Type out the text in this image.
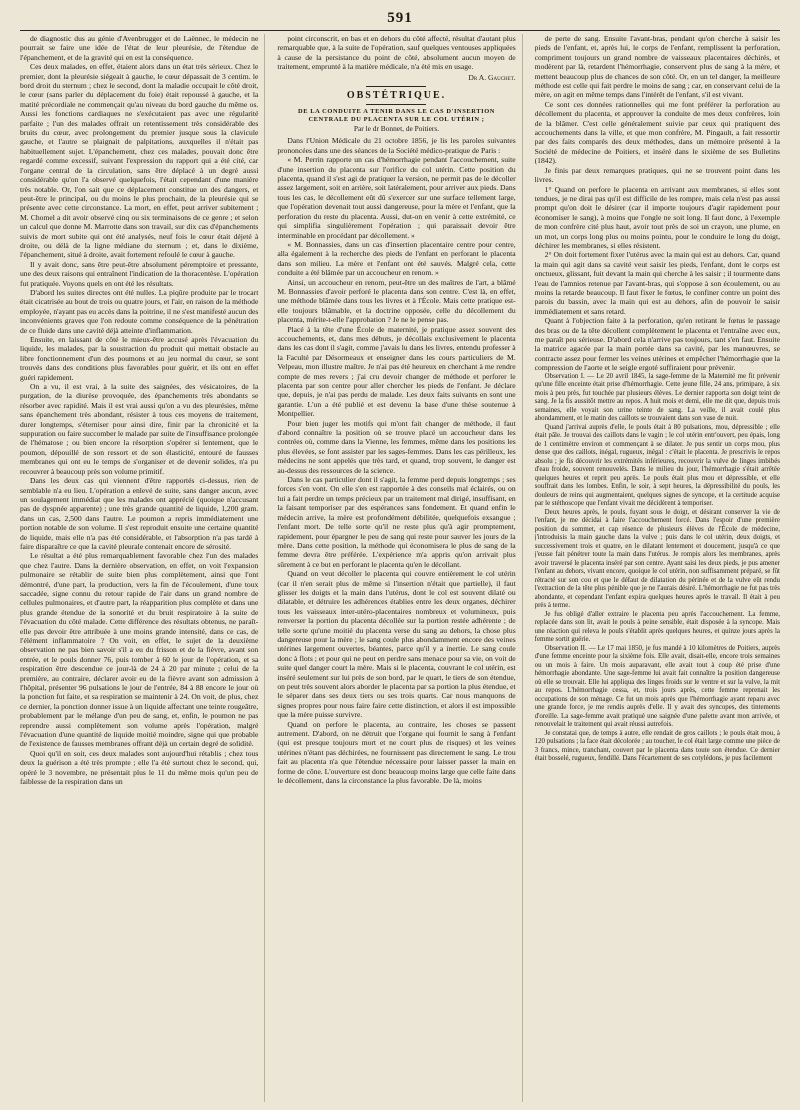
591

de diagnostic dus au génie d'Avenbrugger et de Laënnec, le médecin ne pourrait se faire une idée de l'état de leur pleurésie, de l'étendue de l'épanchement, et de la gravité qui en est la conséquence.

Ces deux malades, en effet, étaient alors dans un état très sérieux. Chez le premier, dont la pleurésie siégeait à gauche, le cœur dépassait de 3 centim. le bord droit du sternum ; chez le second, dont la maladie occupait le côté droit, le cœur (sans parler du déplacement du foie) était repoussé à gauche, et la matité précordiale ne commençait qu'au niveau du bord gauche du même os. Aussi les fonctions cardiaques ne s'exécutaient pas avec une régularité parfaite ; l'un des malades offrait un retentissement très considérable des bruits du cœur, avec prolongement du premier jusque sous la clavicule gauche, et l'autre se plaignait de palpitations, auxquelles il n'était pas habituellement sujet. L'épanchement, chez ces malades, pouvait donc être regardé comme excessif, suivant l'expression du rapport qui a été cité, car l'organe central de la circulation, sans être déplacé à un degré aussi considérable qu'on l'a observé quelquefois, l'était cependant d'une manière très notable. Or, l'on sait que ce déplacement constitue un des dangers, et peut-être le principal, ou du moins le plus prochain, de la pleurésie qui se présente avec cette circonstance. La mort, en effet, peut arriver subitement ; M. Chomel a dit avoir observé cinq ou six terminaisons de ce genre ; et selon un calcul que donne M. Marrotte dans son travail, sur dix cas d'épanchements suivis de mort subite qui ont été analysés, neuf fois le cœur était déjeté à droite, ou délà de la ligne médiane du sternum ; et, dans le dixième, l'épanchement, situé à droite, avait fortement refoulé le cœur à gauche.

Il y avait donc, sans être peut-être absolument péremptoire et pressante, une des deux raisons qui entraînent l'indication de la thoracentèse. L'opération fut pratiquée. Voyons quels en ont été les résultats.

D'abord les suites directes ont été nulles. La piqûre produite par le trocart était cicatrisée au bout de trois ou quatre jours, et l'air, en raison de la méthode employée, n'ayant pas eu accès dans la poitrine, il ne s'est manifesté aucun des inconvénients graves que l'on redoute comme conséquence de la pénétration de ce fluide dans une cavité déjà atteinte d'inflammation.

Ensuite, en laissant de côté le mieux-être accusé après l'évacuation du liquide, les malades, par la soustraction du produit qui mettait obstacle au libre fonctionnement d'un des poumons et au jeu normal du cœur, se sont trouvés dans des conditions plus favorables pour guérir, et ils ont en effet guéri rapidement.

On a vu, il est vrai, à la suite des saignées, des vésicatoires, de la purgation, de la diurèse provoquée, des épanchements très abondants se résorber avec rapidité. Mais il est vrai aussi qu'on a vu des pleurésies, même sans épanchement très abondant, résister à tous ces moyens de traitement, durer longtemps, s'éterniser pour ainsi dire, finir par la chronicité et la suppuration ou faire succomber le malade par suite de l'insuffisance prolongée de l'hématose ; ou bien encore la résorption s'opérer si lentement, que le poumon, dépouillé de son ressort et de son élasticité, entouré de fausses membranes qui ont eu le temps de s'organiser et de devenir solides, n'a pu recouvrer à beaucoup près son volume primitif.

Dans les deux cas qui viennent d'être rapportés ci-dessus, rien de semblable n'a eu lieu. L'opération a enlevé de suite, sans danger aucun, avec un soulagement immédiat que les malades ont apprécié (quoique n'accusant pas de dyspnée apparente) ; une très grande quantité de liquide, 1,200 gram. dans un cas, 2,500 dans l'autre. Le poumon a repris immédiatement une portion notable de son volume. Il s'est reproduit ensuite une certaine quantité de liquide, mais elle n'a pas été considérable, et l'absorption n'a pas tardé à faire disparaître ce que la cavité pleurale contenait encore de sérosité.

Le résultat a été plus remarquablement favorable chez l'un des malades que chez l'autre. Dans la dernière observation, en effet, on voit l'expansion pulmonaire se rétablir de suite bien plus complètement, ainsi que l'ont démontré, d'une part, la production, vers la fin de l'écoulement, d'une toux saccadée, signe connu du retour rapide de l'air dans un grand nombre de cellules pulmonaires, et d'autre part, la réapparition plus complète et dans une plus grande étendue de la sonorité et du bruit respiratoire à la suite de l'évacuation du côté malade. Cette différence des résultats obtenus, ne paraît-elle pas devoir être attribuée à une moins grande intensité, dans ce cas, de l'élément inflammatoire ? On voit, en effet, le sujet de la deuxième observation ne pas bien savoir s'il a eu du frisson et de la fièvre, avant son entrée, et le pouls donner 76, puis tomber à 60 le jour de l'opération, et sa respiration être descendue ce jour-là de 24 à 20 par minute ; celui de la première, au contraire, déclarer avoir eu de la fièvre avant son admission à l'hôpital, présenter 96 pulsations le jour de l'entrée, 84 à 88 encore le jour où la ponction fut faite, et sa respiration se maintenir à 24. On voit, de plus, chez ce dernier, la ponction donner issue à un liquide affectant une teinte rougeâtre, probablement par le mélange d'un peu de sang, et, enfin, le poumon ne pas reprendre aussi complètement son volume après l'opération, malgré l'évacuation d'une quantité de liquide moitié moindre, signe qui que probable de l'existence de fausses membranes offrant déjà un certain degré de solidité.

Quoi qu'il en soit, ces deux malades sont aujourd'hui rétablis ; chez tous deux la guérison a été très prompte ; elle l'a été surtout chez le second, qui, opéré le 3 novembre, ne présentait plus le 11 du même mois qu'un peu de faiblesse de la respiration dans un

point circonscrit, en bas et en dehors du côté affecté, résultat d'autant plus remarquable que, à la suite de l'opération, sauf quelques ventouses appliquées à cause de la persistance du point de côté, absolument aucun moyen de traitement, emprunté à la matière médicale, n'a été mis en usage.

Dr A. Gauchet.
OBSTÉTRIQUE.
DE LA CONDUITE A TENIR DANS LE CAS D'INSERTION CENTRALE DU PLACENTA SUR LE COL UTÉRIN ;
Par le dr Bonnet, de Poitiers.

Dans l'Union Médicale du 21 octobre 1856, je lis les paroles suivantes prononcées dans une des séances de la Société médico-pratique de Paris :

« M. Perrin rapporte un cas d'hémorrhagie pendant l'accouchement, suite d'une insertion du placenta sur l'orifice du col utérin. Cette position du placenta, quand il s'est agi de pratiquer la version, ne permit pas de le décoller assez largement, soit en arrière, soit latéralement, pour arriver aux pieds. Dans tous les cas, le décollement eût dû s'exercer sur une surface tellement large, que l'opération devenait tout aussi dangereuse, pour la mère et l'enfant, que la perforation du reste du placenta. Aussi, dut-on en venir à cette extrémité, ce qui simplifia singulièrement l'opération ; qui paraissait devoir être interminable en procédant par décollement. »

« M. Bonnassies, dans un cas d'insertion placentaire centre pour centre, alla également à la recherche des pieds de l'enfant en perforant le placenta dans son milieu. La mère et l'enfant ont été sauvés. Malgré cela, cette conduite a été blâmée par un accoucheur en renom. »

Ainsi, un accoucheur en renom, peut-être un des maîtres de l'art, a blâmé M. Bonnassies d'avoir perforé le placenta dans son centre. C'est là, en effet, une méthode blâmée dans tous les livres et à l'École. Mais cette pratique est-elle toujours blâmable, et la doctrine opposée, celle du décollement du placenta, mérite-t-elle l'approbation ? Je ne le pense pas.

Placé à la tête d'une École de maternité, je pratique assez souvent des accouchements, et, dans mes débuts, je décollais exclusivement le placenta dans les cas dont il s'agit, comme j'avais lu dans les livres, entendu professer à la Faculté par Désormeaux et enseigner dans les cours particuliers de M. Velpeau, mon illustre maître. Je n'ai pas été heureux en cherchant à me rendre compte de mes revers ; j'ai cru devoir changer de méthode et perforer le placenta par son centre pour aller chercher les pieds de l'enfant. Je déclare que, depuis, je n'ai pas perdu de malade. Les deux faits suivants en sont une garantie. L'un a été publié et est devenu la base d'une thèse soutenue à Montpellier.

Pour bien juger les motifs qui m'ont fait changer de méthode, il faut d'abord connaître la position où se trouve placé un accoucheur dans les contrées où, comme dans la Vienne, les femmes, même dans les positions les plus élevées, se font assister par les sages-femmes. Dans les cas périlleux, les médecins ne sont appelés que très tard, et quand, trop souvent, le danger est au-dessus des ressources de la science.

Dans le cas particulier dont il s'agit, la femme perd depuis longtemps ; ses forces s'en vont. On elle s'en est rapportée à des conseils mal éclairés, ou on lui a fait perdre un temps précieux par un traitement mal dirigé, insuffisant, en la faisant temporiser par des espérances sans fondement. Et quand enfin le médecin arrive, la mère est profondément débilitée, quelquefois exsangue ; l'enfant mort. De telle sorte qu'il ne reste plus qu'à agir promptement, rapidement, pour épargner le peu de sang qui reste pour sauver les jours de la mère. Dans cette position, la méthode qui économisera le plus de sang de la femme devra être préférée. L'expérience m'a appris qu'on arrivait plus sûrement à ce but en perforant le placenta qu'en le décollant.

Quand on veut décoller le placenta qui couvre entièrement le col utérin (car il n'en serait plus de même si l'insertion n'était que partielle), il faut glisser les doigts et la main dans l'utérus, dont le col est souvent dilaté ou dilatable, et détruire les adhérences établies entre les deux organes, déchirer tous les vaisseaux inter-utéro-placentaires nombreux et volumineux, puis renverser la portion du placenta décollée sur la portion restée adhérente ; de telle sorte qu'une moitié du placenta verse du sang au dehors, la chose plus dangereuse pour la mère ; le sang coule plus abondamment encore des veines utérines largement ouvertes, béantes, parce qu'il y a inertie. Le sang coule donc à flots ; et pour qui ne peut en perdre sans menace pour sa vie, on voit de suite quel danger court la mère. Mais si le placenta, couvrant le col utérin, est inséré seulement sur lui près de son bord, par le quart, le tiers de son étendue, on peut très souvent alors aborder le placenta par sa portion la plus étendue, et le séparer dans ses deux tiers ou ses trois quarts. Car nous manquons de signes propres pour nous faire faire cette distinction, et alors il est impossible que la mère puisse survivre.

Quand on perfore le placenta, au contraire, les choses se passent autrement. D'abord, on ne détruit que l'organe qui fournit le sang à l'enfant (qui est presque toujours mort et ne court plus de risques) et les veines utérines n'étant pas déchirées, ne fournissent pas directement le sang. Le trou fait au placenta n'a que l'étendue nécessaire pour laisser passer la main en forme de cône. L'ouverture est donc beaucoup moins large que celle faite dans le décollement, dans la circonstance la plus favorable. De là, moins

de perte de sang. Ensuite l'avant-bras, pendant qu'on cherche à saisir les pieds de l'enfant, et, après lui, le corps de l'enfant, remplissent la perforation, compriment toujours un grand nombre de vaisseaux placentaires déchirés, et modèrent par là, retardent l'hémorrhagie, conservent plus de sang à la mère, et mettent beaucoup plus de chances de son côté. Or, en un tel danger, la meilleure méthode est celle qui fait perdre le moins de sang ; car, en conservant celui de la mère, on agit en même temps dans l'intérêt de l'enfant, s'il est vivant.

Ce sont ces données rationnelles qui me font préférer la perforation au décollement du placenta, et approuver la conduite de mes deux confrères, loin de la blâmer. C'est celle généralement suivie par ceux qui pratiquent des accouchements dans la ville, et que mon confrère, M. Pingault, a fait ressortir par des faits comparés des deux méthodes, dans un mémoire présenté à la Société de médecine de Poitiers, et inséré dans le sixième de ses Bulletins (1842).

Je finis par deux remarques pratiques, qui ne se trouvent point dans les livres.

1° Quand on perfore le placenta en arrivant aux membranes, si elles sont tendues, je ne dirai pas qu'il est difficile de les rompre, mais cela n'est pas aussi prompt qu'on doit le désirer (car il importe toujours d'agir rapidement pour économiser le sang), à moins que l'ongle ne soit long. Il faut donc, à l'exemple de mon confrère cité plus haut, avoir tout près de soi un crayon, une plume, en un mot, un corps long plus ou moins pointu, pour le conduire le long du doigt, déchirer les membranes, si elles résistent.

2° On doit fortement fixer l'utérus avec la main qui est au dehors. Car, quand la main qui agit dans sa cavité veut saisir les pieds, l'enfant, dont le corps est onctueux, glissant, fuit devant la main qui cherche à les saisir ; il tourmente dans l'eau de l'amnios retenue par l'avant-bras, qui s'oppose à son écoulement, ou au moins la retarde beaucoup. Il faut fixer le fœtus, le confiner contre un point des parois du bassin, avec la main qui est au dehors, afin de pouvoir le saisir immédiatement et sans retard.

Quant à l'objection faite à la perforation, qu'en retirant le fœtus le passage des bras ou de la tête décollent complètement le placenta et l'entraîne avec eux, me paraît peu sérieuse. D'abord cela n'arrive pas toujours, tant s'en faut. Ensuite la matrice agacée par la main portée dans sa cavité, par les manœuvres, se contracte assez pour fermer les veines utérines et empêcher l'hémorrhagie que la compression de l'aorte et le seigle ergoté suffiraient pour prévenir.

Observation I. — Le 20 avril 1845, la sage-femme de la Maternité me fit prévenir qu'une fille enceinte était prise d'hémorrhagie. Cette jeune fille, 24 ans, primipare, à six mois à peu près, fut touchée par plusieurs élèves. Le dernier rapporta son doigt teint de sang. Je la fis aussitôt mettre au repos. A huit mois et demi, elle me dit que, depuis trois semaines, elle voyait son urine teinte de sang. La veille, il avait coulé plus abondamment, et le matin des caillots se trouvaient dans son vase de nuit.

Quand j'arrivai auprès d'elle, le pouls était à 80 pulsations, mou, dépressible ; elle était pâle. Je trouvai des caillots dans le vagin ; le col utérin entr'ouvert, peu épais, long de 1 centimètre environ et commençant à se dilater. Je pus sentir un corps mou, plus dense que des caillots, inégal, rugueux, inégal : c'était le placenta. Je prescrivis le repos absolu ; je fis découvrir les extrémités inférieures, recouvrir la vulve de linges imbibés d'eau froide, souvent renouvelés. Dans le milieu du jour, l'hémorrhagie s'était arrêtée quelques heures et reprit peu après. Le pouls était plus mou et dépressible, et elle souffrait dans les lombes. Enfin, le soir, à sept heures, la dépressibilité du pouls, les douleurs de reins qui augmentaient, quelques signes de syncope, et la certitude acquise par le stéthoscope que l'enfant vivait me décidèrent à temporiser.

Deux heures après, le pouls, fuyant sous le doigt, et désirant conserver la vie de l'enfant, je me décidai à faire l'accouchement forcé. Dans l'espoir d'une première position du sommet, et cap résence de plusieurs élèves de l'École de médecine, j'introduisis la main gauche dans la vulve ; puis dans le col utérin, deux doigts, et successivement trois et quatre, en le dilatant lentement et doucement, jusqu'à ce que j'eusse fait pénétrer toute la main dans l'utérus. Je rompis alors les membranes, après avoir traversé le placenta inséré par son centre. Ayant saisi les deux pieds, je pus amener l'enfant au dehors, vivant encore, quoique le col utérin, non suffisamment préparé, se fût rétracté sur son cou et que le défaut de dilatation du périnée et de la vulve eût rendu l'extraction de la tête plus pénible que je ne l'aurais désiré. L'hémorrhagie ne fut pas très abondante, et cependant l'enfant expira quelques heures après le travail. Il était à peu près à terme.

Je fus obligé d'aller extraire le placenta peu après l'accouchement. La femme, replacée dans son lit, avait le pouls à peine sensible, était disposée à la syncope. Mais une réaction qui releva le pouls s'établit après quelques heures, et quinze jours après la femme sortit guérie.

Observation II. — Le 17 mai 1850, je fus mandé à 10 kilomètres de Poitiers, auprès d'une femme enceinte pour la sixième fois. Elle avait, disait-elle, encore trois semaines ou un mois à faire. Un mois auparavant, elle avait tout à coup été prise d'une hémorrhagie abondante. Une sage-femme lui avait fait connaître la position dangereuse où elle se trouvait. Elle lui appliqua des linges froids sur le ventre et sur la vulve, la mit au repos. L'hémorrhagie cessa, et, trois jours après, cette femme reprenait les occupations de son ménage. Ce fut un mois après que l'hémorrhagie ayant reparu avec une grande force, je me rendis auprès d'elle. Il y avait des syncopes, des tintements d'oreille. La sage-femme avait pratiqué une saignée d'une palette avant mon arrivée, et renouvelait le traitement qui avait réussi autrefois.

Je constatai que, de temps à autre, elle rendait de gros caillots ; le pouls était mou, à 120 pulsations ; la face était décolorée ; au toucher, le col était large comme une pièce de 3 francs, mince, tranchant, couvert par le placenta dans toute son étendue. Ce dernier était bosselé, rugueux, fendillé. Dans l'écartement de ses cotylédons, je pus facilement
